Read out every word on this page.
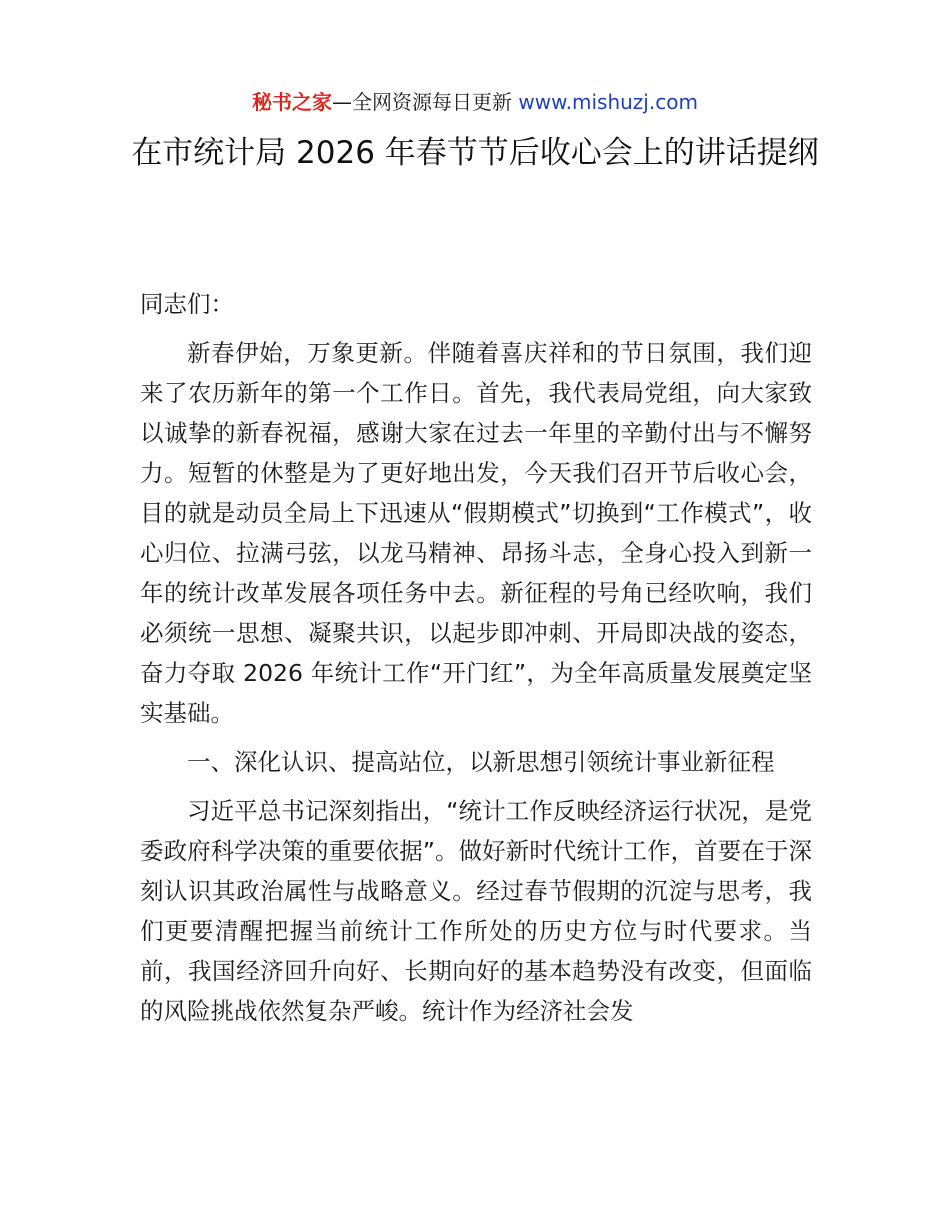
秘书之家—全网资源每日更新 www.mishuzj.com
在市统计局 2026 年春节节后收心会上的讲话提纲

同志们：

新春伊始，万象更新。伴随着喜庆祥和的节日氛围，我们迎来了农历新年的第一个工作日。首先，我代表局党组，向大家致以诚挚的新春祝福，感谢大家在过去一年里的辛勤付出与不懈努力。短暂的休整是为了更好地出发，今天我们召开节后收心会，目的就是动员全局上下迅速从“假期模式”切换到“工作模式”，收心归位、拉满弓弦，以龙马精神、昂扬斗志，全身心投入到新一年的统计改革发展各项任务中去。新征程的号角已经吹响，我们必须统一思想、凝聚共识，以起步即冲刺、开局即决战的姿态，奋力夺取 2026 年统计工作“开门红”，为全年高质量发展奠定坚实基础。

一、深化认识、提高站位，以新思想引领统计事业新征程

习近平总书记深刻指出，“统计工作反映经济运行状况，是党委政府科学决策的重要依据”。做好新时代统计工作，首要在于深刻认识其政治属性与战略意义。经过春节假期的沉淀与思考，我们更要清醒把握当前统计工作所处的历史方位与时代要求。当前，我国经济回升向好、长期向好的基本趋势没有改变，但面临的风险挑战依然复杂严峻。统计作为经济社会发
